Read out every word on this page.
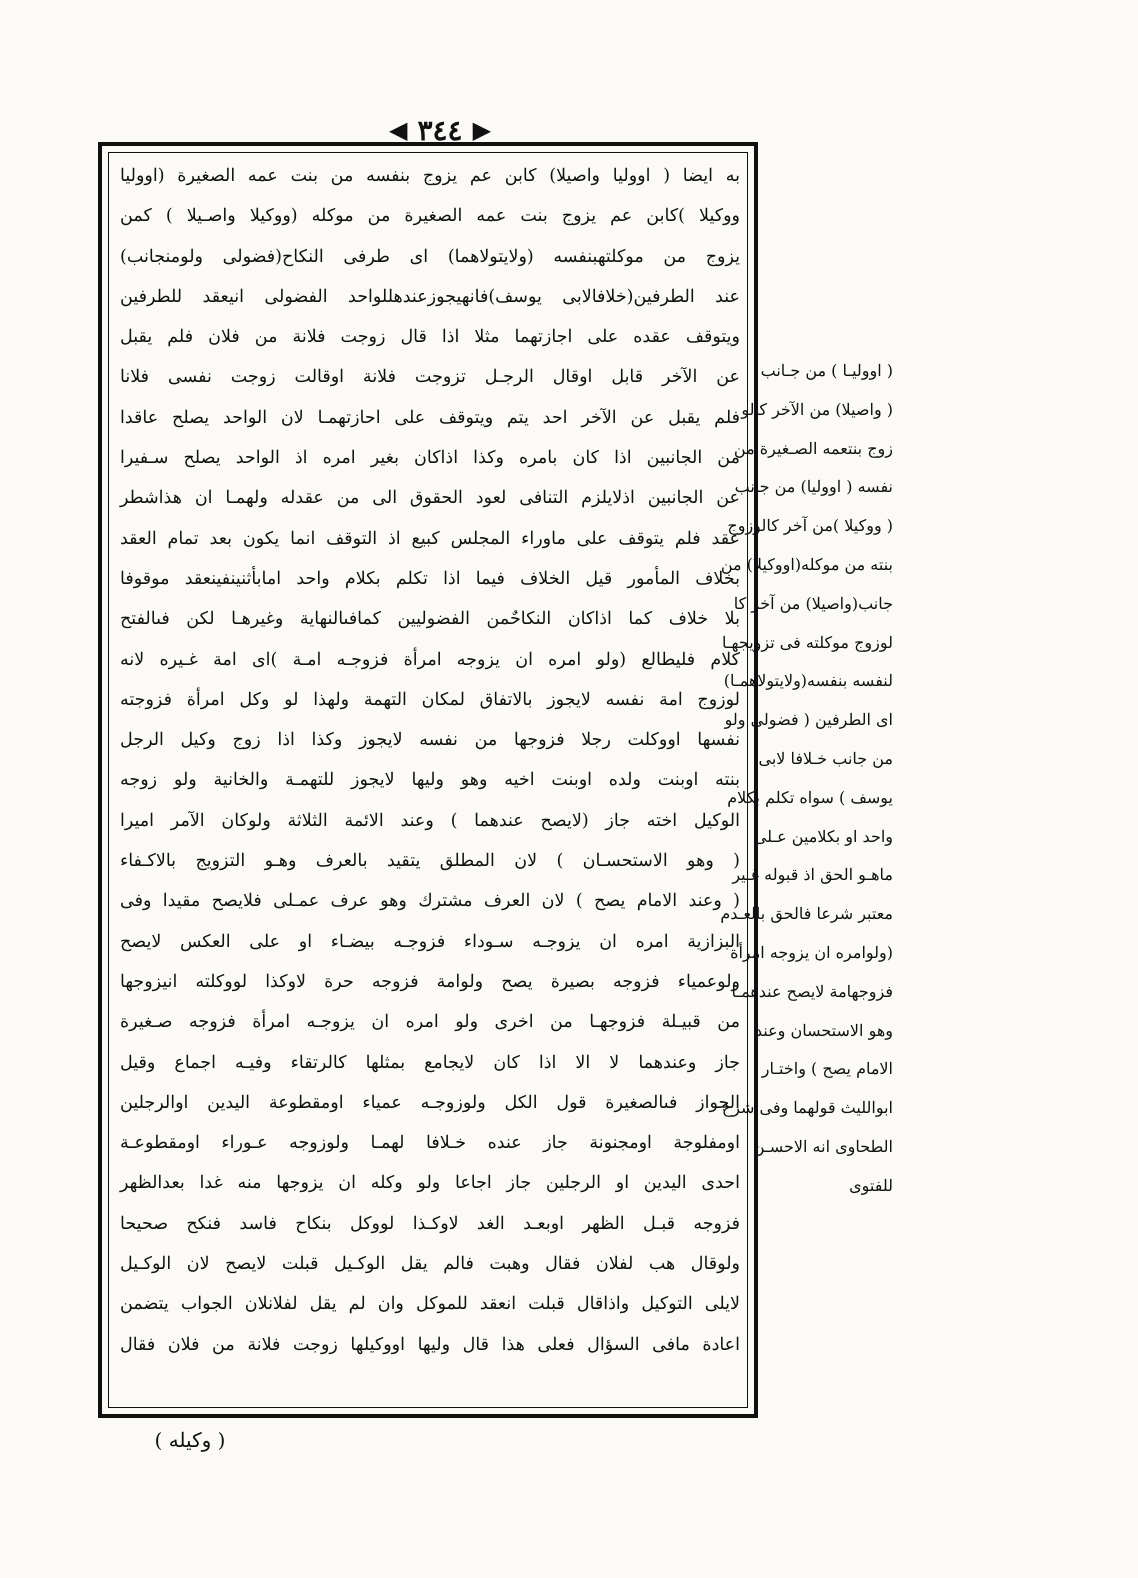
◀ ٣٤٤ ▶
به ايضا ( اووليا واصيلا) كابن عم يزوج بنفسه من بنت عمه الصغيرة (اووليا
ووكيلا )كابن عم يزوج بنت عمه الصغيرة من موكله (ووكيلا واصـيلا ) كمن
يزوج من موكلتهبنفسه (ولايتولاهما) اى طرفى النكاح(فضولى ولومنجانب)
عند الطرفين(خلافالابى يوسف)فانهيجوزعندهللواحد الفضولى انيعقد للطرفين
ويتوقف عقده على اجازتهما مثلا اذا قال زوجت فلانة من فلان فلم يقبل
عن الآخر قابل اوقال الرجـل تزوجت فلانة اوقالت زوجت نفسى فلانا
فلم يقبل عن الآخر احد يتم ويتوقف على احازتهمـا لان الواحد يصلح عاقدا
من الجانبين اذا كان بامره وكذا اذاكان بغير امره اذ الواحد يصلح سـفيرا
عن الجانبين اذلايلزم التنافى لعود الحقوق الى من عقدله ولهمـا ان هذاشطر
عقد فلم يتوقف على ماوراء المجلس كبيع اذ التوقف انما يكون بعد تمام العقد
بخلاف المأمور قيل الخلاف فيما اذا تكلم بكلام واحد امابأثنينفينعقد موقوفا
بلا خلاف كما اذاكان النكاحٌمن الفضوليين كمافىالنهاية وغيرهـا لكن فىالفتح
كلام فليطالع (ولو امره ان يزوجه امرأة فزوجـه امـة )اى امة غـيره لانه
لوزوج امة نفسه لايجوز بالاتفاق لمكان التهمة ولهذا لو وكل امرأة فزوجته
نفسها اووكلت رجلا فزوجها من نفسه لايجوز وكذا اذا زوج وكيل الرجل
بنته اوبنت ولده اوبنت اخيه وهو وليها لايجوز للتهمـة والخانية ولو زوجه
الوكيل اخته جاز (لايصح عندهما ) وعند الائمة الثلاثة ولوكان الآمر اميرا
( وهو الاستحسـان ) لان المطلق يتقيد بالعرف وهـو التزويج بالاكـفاء
( وعند الامام يصح ) لان العرف مشترك وهو عرف عمـلى فلايصح مقيدا وفى
البزازية امره ان يزوجـه سـوداء فزوجـه بيضـاء او على العكس لايصح
ولوعمياء فزوجه بصيرة يصح ولوامة فزوجه حرة لاوكذا لووكلته انيزوجها
من قبيـلة فزوجهـا من اخرى ولو امره ان يزوجـه امرأة فزوجه صـغيرة
جاز وعندهما لا الا اذا كان لايجامع بمثلها كالرتقاء وفيـه اجماع وقيل
الجواز فىالصغيرة قول الكل ولوزوجـه عمياء اومقطوعة اليدين اوالرجلين
اومفلوجة اومجنونة جاز عنده خـلافا لهمـا ولوزوجه عـوراء اومقطوعـة
احدى اليدين او الرجلين جاز اجاعا ولو وكله ان يزوجها منه غدا بعدالظهر
فزوجه قبـل الظهر اوبعـد الغد لاوكـذا لووكل بنكاح فاسد فنكح صحيحا
ولوقال هب لفلان فقال وهبت فالم يقل الوكـيل قبلت لايصح لان الوكـيل
لايلى التوكيل واذاقال قبلت انعقد للموكل وان لم يقل لفلانلان الجواب يتضمن
اعادة مافى السؤال فعلى هذا قال وليها اووكيلها زوجت فلانة من فلان فقال
( اووليـا ) من جـانب
( واصيلا) من الآخر كالو
زوج بنتعمه الصـغيرة من
نفسه ( اووليا) من جانب
( ووكيلا )من آخر كالوزوج
بنته من موكله(اووكيلا) من
جانب(واصيلا) من آخر كا
لوزوج موكلته فى تزويجهـا
لنفسه بنفسه(ولايتولاهمـا)
اى الطرفين ( فضولى ولو
من جانب خـلافا لابى
يوسف ) سواه تكلم بكلام
واحد او بكلامين عـلى
ماهـو الحق اذ قبوله غـير
معتبر شرعا فالحق بالعـدم
(ولوامره ان يزوجه امرأة
فزوجهامة لايصح عندهمـا
وهو الاستحسان وعند
الامام يصح ) واختـار
ابوالليث قولهما وفى شرح
الطحاوى انه الاحسـن
للفتوى
( وكيله )
